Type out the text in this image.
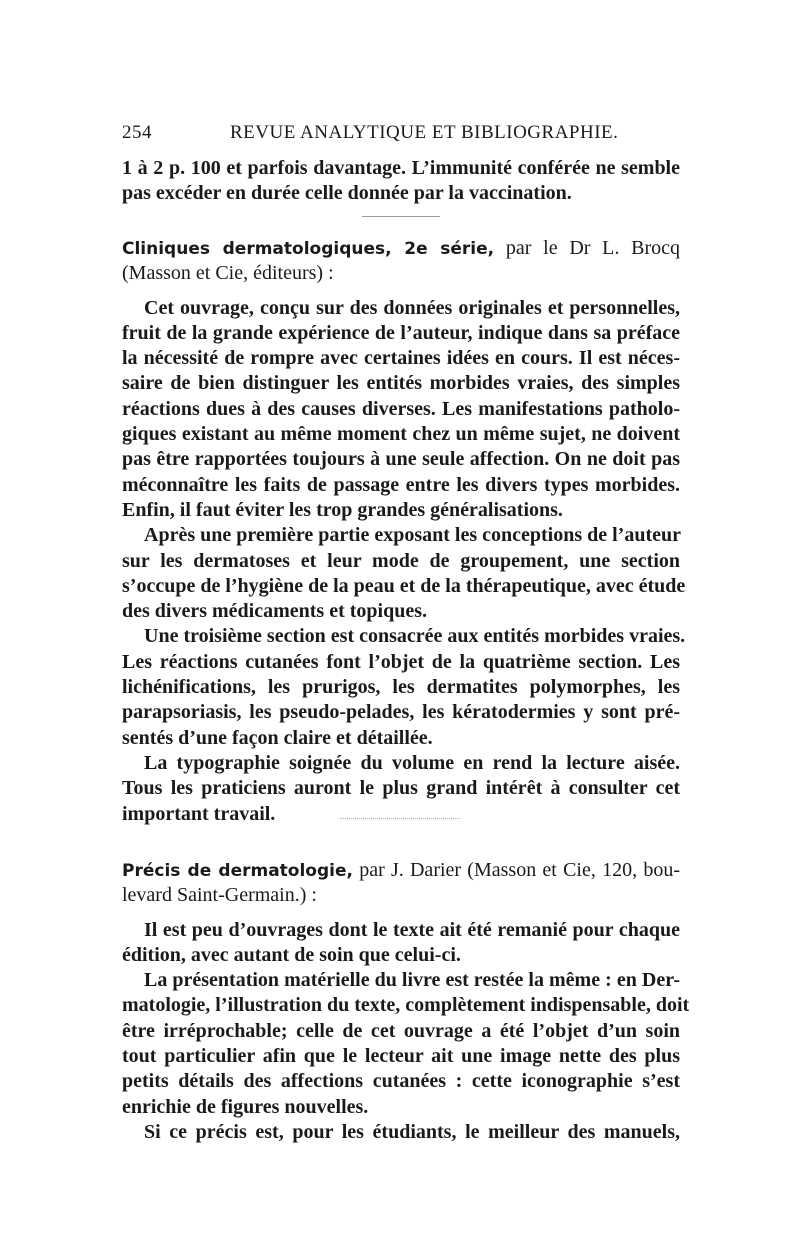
254	REVUE ANALYTIQUE ET BIBLIOGRAPHIE.
1 à 2 p. 100 et parfois davantage. L’immunité conférée ne semble
pas excéder en durée celle donnée par la vaccination.
Cliniques dermatologiques, 2e série, par le Dr L. Brocq
(Masson et Cie, éditeurs) :
Cet ouvrage, conçu sur des données originales et personnelles,
fruit de la grande expérience de l’auteur, indique dans sa préface
la nécessité de rompre avec certaines idées en cours. Il est néces-
saire de bien distinguer les entités morbides vraies, des simples
réactions dues à des causes diverses. Les manifestations patholo-
giques existant au même moment chez un même sujet, ne doivent
pas être rapportées toujours à une seule affection. On ne doit pas
méconnaître les faits de passage entre les divers types morbides.
Enfin, il faut éviter les trop grandes généralisations.
Après une première partie exposant les conceptions de l’auteur
sur les dermatoses et leur mode de groupement, une section
s’occupe de l’hygiène de la peau et de la thérapeutique, avec étude
des divers médicaments et topiques.
Une troisième section est consacrée aux entités morbides vraies.
Les réactions cutanées font l’objet de la quatrième section. Les
lichénifications, les prurigos, les dermatites polymorphes, les
parapsoriasis, les pseudo-pelades, les kératodermies y sont pré-
sentés d’une façon claire et détaillée.
La typographie soignée du volume en rend la lecture aisée.
Tous les praticiens auront le plus grand intérêt à consulter cet
important travail.
Précis de dermatologie, par J. Darier (Masson et Cie, 120, bou-
levard Saint-Germain.) :
Il est peu d’ouvrages dont le texte ait été remanié pour chaque
édition, avec autant de soin que celui-ci.
La présentation matérielle du livre est restée la même : en Der-
matologie, l’illustration du texte, complètement indispensable, doit
être irréprochable; celle de cet ouvrage a été l’objet d’un soin
tout particulier afin que le lecteur ait une image nette des plus
petits détails des affections cutanées : cette iconographie s’est
enrichie de figures nouvelles.
Si ce précis est, pour les étudiants, le meilleur des manuels,
